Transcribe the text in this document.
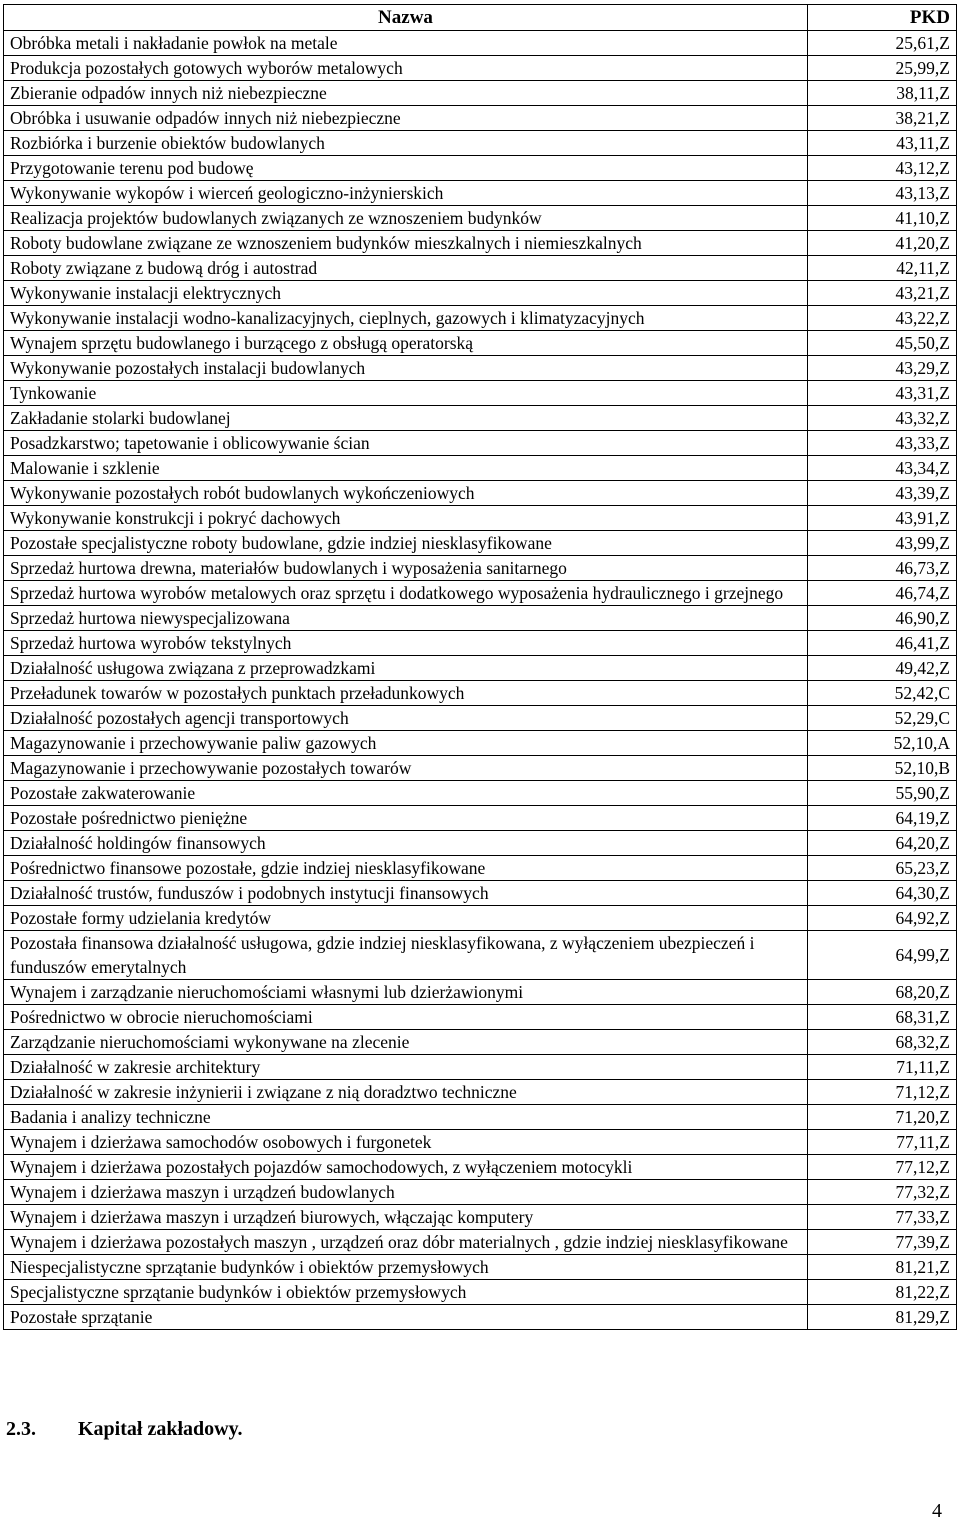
Nazwa	PKD
Obróbka metali i nakładanie powłok na metale	25,61,Z
Produkcja pozostałych gotowych wyborów metalowych	25,99,Z
Zbieranie odpadów innych niż niebezpieczne	38,11,Z
Obróbka i usuwanie odpadów innych niż niebezpieczne	38,21,Z
Rozbiórka i burzenie obiektów budowlanych	43,11,Z
Przygotowanie terenu pod budowę	43,12,Z
Wykonywanie wykopów i wierceń geologiczno-inżynierskich	43,13,Z
Realizacja projektów budowlanych związanych ze wznoszeniem budynków	41,10,Z
Roboty budowlane związane ze wznoszeniem budynków mieszkalnych i niemieszkalnych	41,20,Z
Roboty związane z budową dróg i autostrad	42,11,Z
Wykonywanie instalacji elektrycznych	43,21,Z
Wykonywanie instalacji wodno-kanalizacyjnych, cieplnych, gazowych i klimatyzacyjnych	43,22,Z
Wynajem sprzętu budowlanego i burzącego z obsługą operatorską	45,50,Z
Wykonywanie pozostałych instalacji budowlanych	43,29,Z
Tynkowanie	43,31,Z
Zakładanie stolarki budowlanej	43,32,Z
Posadzkarstwo; tapetowanie i oblicowywanie ścian	43,33,Z
Malowanie i szklenie	43,34,Z
Wykonywanie pozostałych robót budowlanych wykończeniowych	43,39,Z
Wykonywanie konstrukcji i pokryć dachowych	43,91,Z
Pozostałe specjalistyczne roboty budowlane, gdzie indziej niesklasyfikowane	43,99,Z
Sprzedaż hurtowa drewna, materiałów budowlanych i wyposażenia sanitarnego	46,73,Z
Sprzedaż hurtowa wyrobów metalowych oraz sprzętu i dodatkowego wyposażenia hydraulicznego i grzejnego	46,74,Z
Sprzedaż hurtowa niewyspecjalizowana	46,90,Z
Sprzedaż hurtowa wyrobów tekstylnych	46,41,Z
Działalność usługowa związana z przeprowadzkami	49,42,Z
Przeładunek towarów w pozostałych punktach przeładunkowych	52,42,C
Działalność pozostałych agencji transportowych	52,29,C
Magazynowanie i przechowywanie paliw gazowych	52,10,A
Magazynowanie i przechowywanie pozostałych towarów	52,10,B
Pozostałe zakwaterowanie	55,90,Z
Pozostałe pośrednictwo pieniężne	64,19,Z
Działalność holdingów finansowych	64,20,Z
Pośrednictwo finansowe pozostałe, gdzie indziej niesklasyfikowane	65,23,Z
Działalność trustów, funduszów i podobnych instytucji finansowych	64,30,Z
Pozostałe formy udzielania kredytów	64,92,Z
Pozostała finansowa działalność usługowa, gdzie indziej niesklasyfikowana, z wyłączeniem ubezpieczeń i funduszów emerytalnych	64,99,Z
Wynajem i zarządzanie nieruchomościami własnymi lub dzierżawionymi	68,20,Z
Pośrednictwo w obrocie nieruchomościami	68,31,Z
Zarządzanie nieruchomościami wykonywane na zlecenie	68,32,Z
Działalność w zakresie architektury	71,11,Z
Działalność w zakresie inżynierii i związane z nią doradztwo techniczne	71,12,Z
Badania i analizy techniczne	71,20,Z
Wynajem i dzierżawa samochodów osobowych i furgonetek	77,11,Z
Wynajem i dzierżawa pozostałych pojazdów samochodowych, z wyłączeniem motocykli	77,12,Z
Wynajem i dzierżawa maszyn i urządzeń budowlanych	77,32,Z
Wynajem i dzierżawa maszyn i urządzeń biurowych, włączając komputery	77,33,Z
Wynajem i dzierżawa pozostałych maszyn , urządzeń oraz dóbr materialnych , gdzie indziej niesklasyfikowane	77,39,Z
Niespecjalistyczne sprzątanie budynków i obiektów przemysłowych	81,21,Z
Specjalistyczne sprzątanie budynków i obiektów przemysłowych	81,22,Z
Pozostałe sprzątanie	81,29,Z
2.3. Kapitał zakładowy.
4
